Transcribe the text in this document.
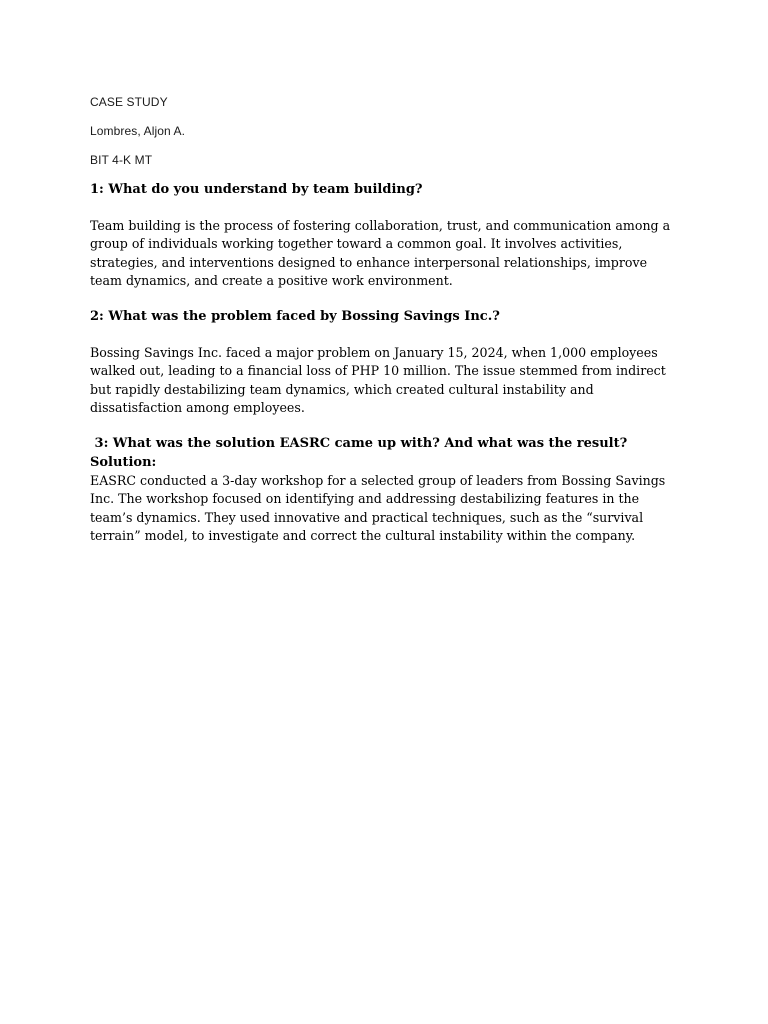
CASE STUDY
Lombres, Aljon A.
BIT 4-K MT
1: What do you understand by team building?
Team building is the process of fostering collaboration, trust, and communication among a
group of individuals working together toward a common goal. It involves activities,
strategies, and interventions designed to enhance interpersonal relationships, improve
team dynamics, and create a positive work environment.
2: What was the problem faced by Bossing Savings Inc.?
Bossing Savings Inc. faced a major problem on January 15, 2024, when 1,000 employees
walked out, leading to a financial loss of PHP 10 million. The issue stemmed from indirect
but rapidly destabilizing team dynamics, which created cultural instability and
dissatisfaction among employees.
3: What was the solution EASRC came up with? And what was the result?
Solution:
EASRC conducted a 3-day workshop for a selected group of leaders from Bossing Savings
Inc. The workshop focused on identifying and addressing destabilizing features in the
team’s dynamics. They used innovative and practical techniques, such as the “survival
terrain” model, to investigate and correct the cultural instability within the company.
